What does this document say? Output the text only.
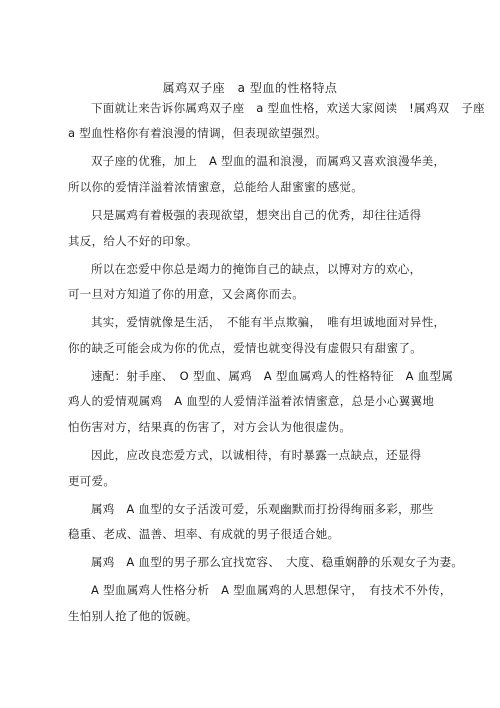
属鸡双子座　a 型血的性格特点
下面就让来告诉你属鸡双子座　a 型血性格，欢送大家阅读　!属鸡双　子座
a 型血性格你有着浪漫的情调，但表现欲望强烈。
双子座的优雅，加上　A 型血的温和浪漫，而属鸡又喜欢浪漫华美，
所以你的爱情洋溢着浓情蜜意，总能给人甜蜜蜜的感觉。
只是属鸡有着极强的表现欲望，想突出自己的优秀，却往往适得
其反，给人不好的印象。
所以在恋爱中你总是竭力的掩饰自己的缺点，以博对方的欢心，
可一旦对方知道了你的用意，又会离你而去。
其实，爱情就像是生活，　不能有半点欺骗，　唯有坦诚地面对异性，
你的缺乏可能会成为你的优点，爱情也就变得没有虚假只有甜蜜了。
速配：射手座、　O 型血、属鸡　A 型血属鸡人的性格特征　A 血型属
鸡人的爱情观属鸡　A 血型的人爱情洋溢着浓情蜜意，总是小心翼翼地
怕伤害对方，结果真的伤害了，对方会认为他很虚伪。
因此，应改良恋爱方式，以诚相待，有时暴露一点缺点，还显得
更可爱。
属鸡　A 血型的女子活泼可爱，乐观幽默而打扮得绚丽多彩，那些
稳重、老成、温善、坦率、有成就的男子很适合她。
属鸡　A 血型的男子那么宜找宽容、　大度、稳重娴静的乐观女子为妻。
A 型血属鸡人性格分析　A 型血属鸡的人思想保守，　有技术不外传，
生怕别人抢了他的饭碗。
